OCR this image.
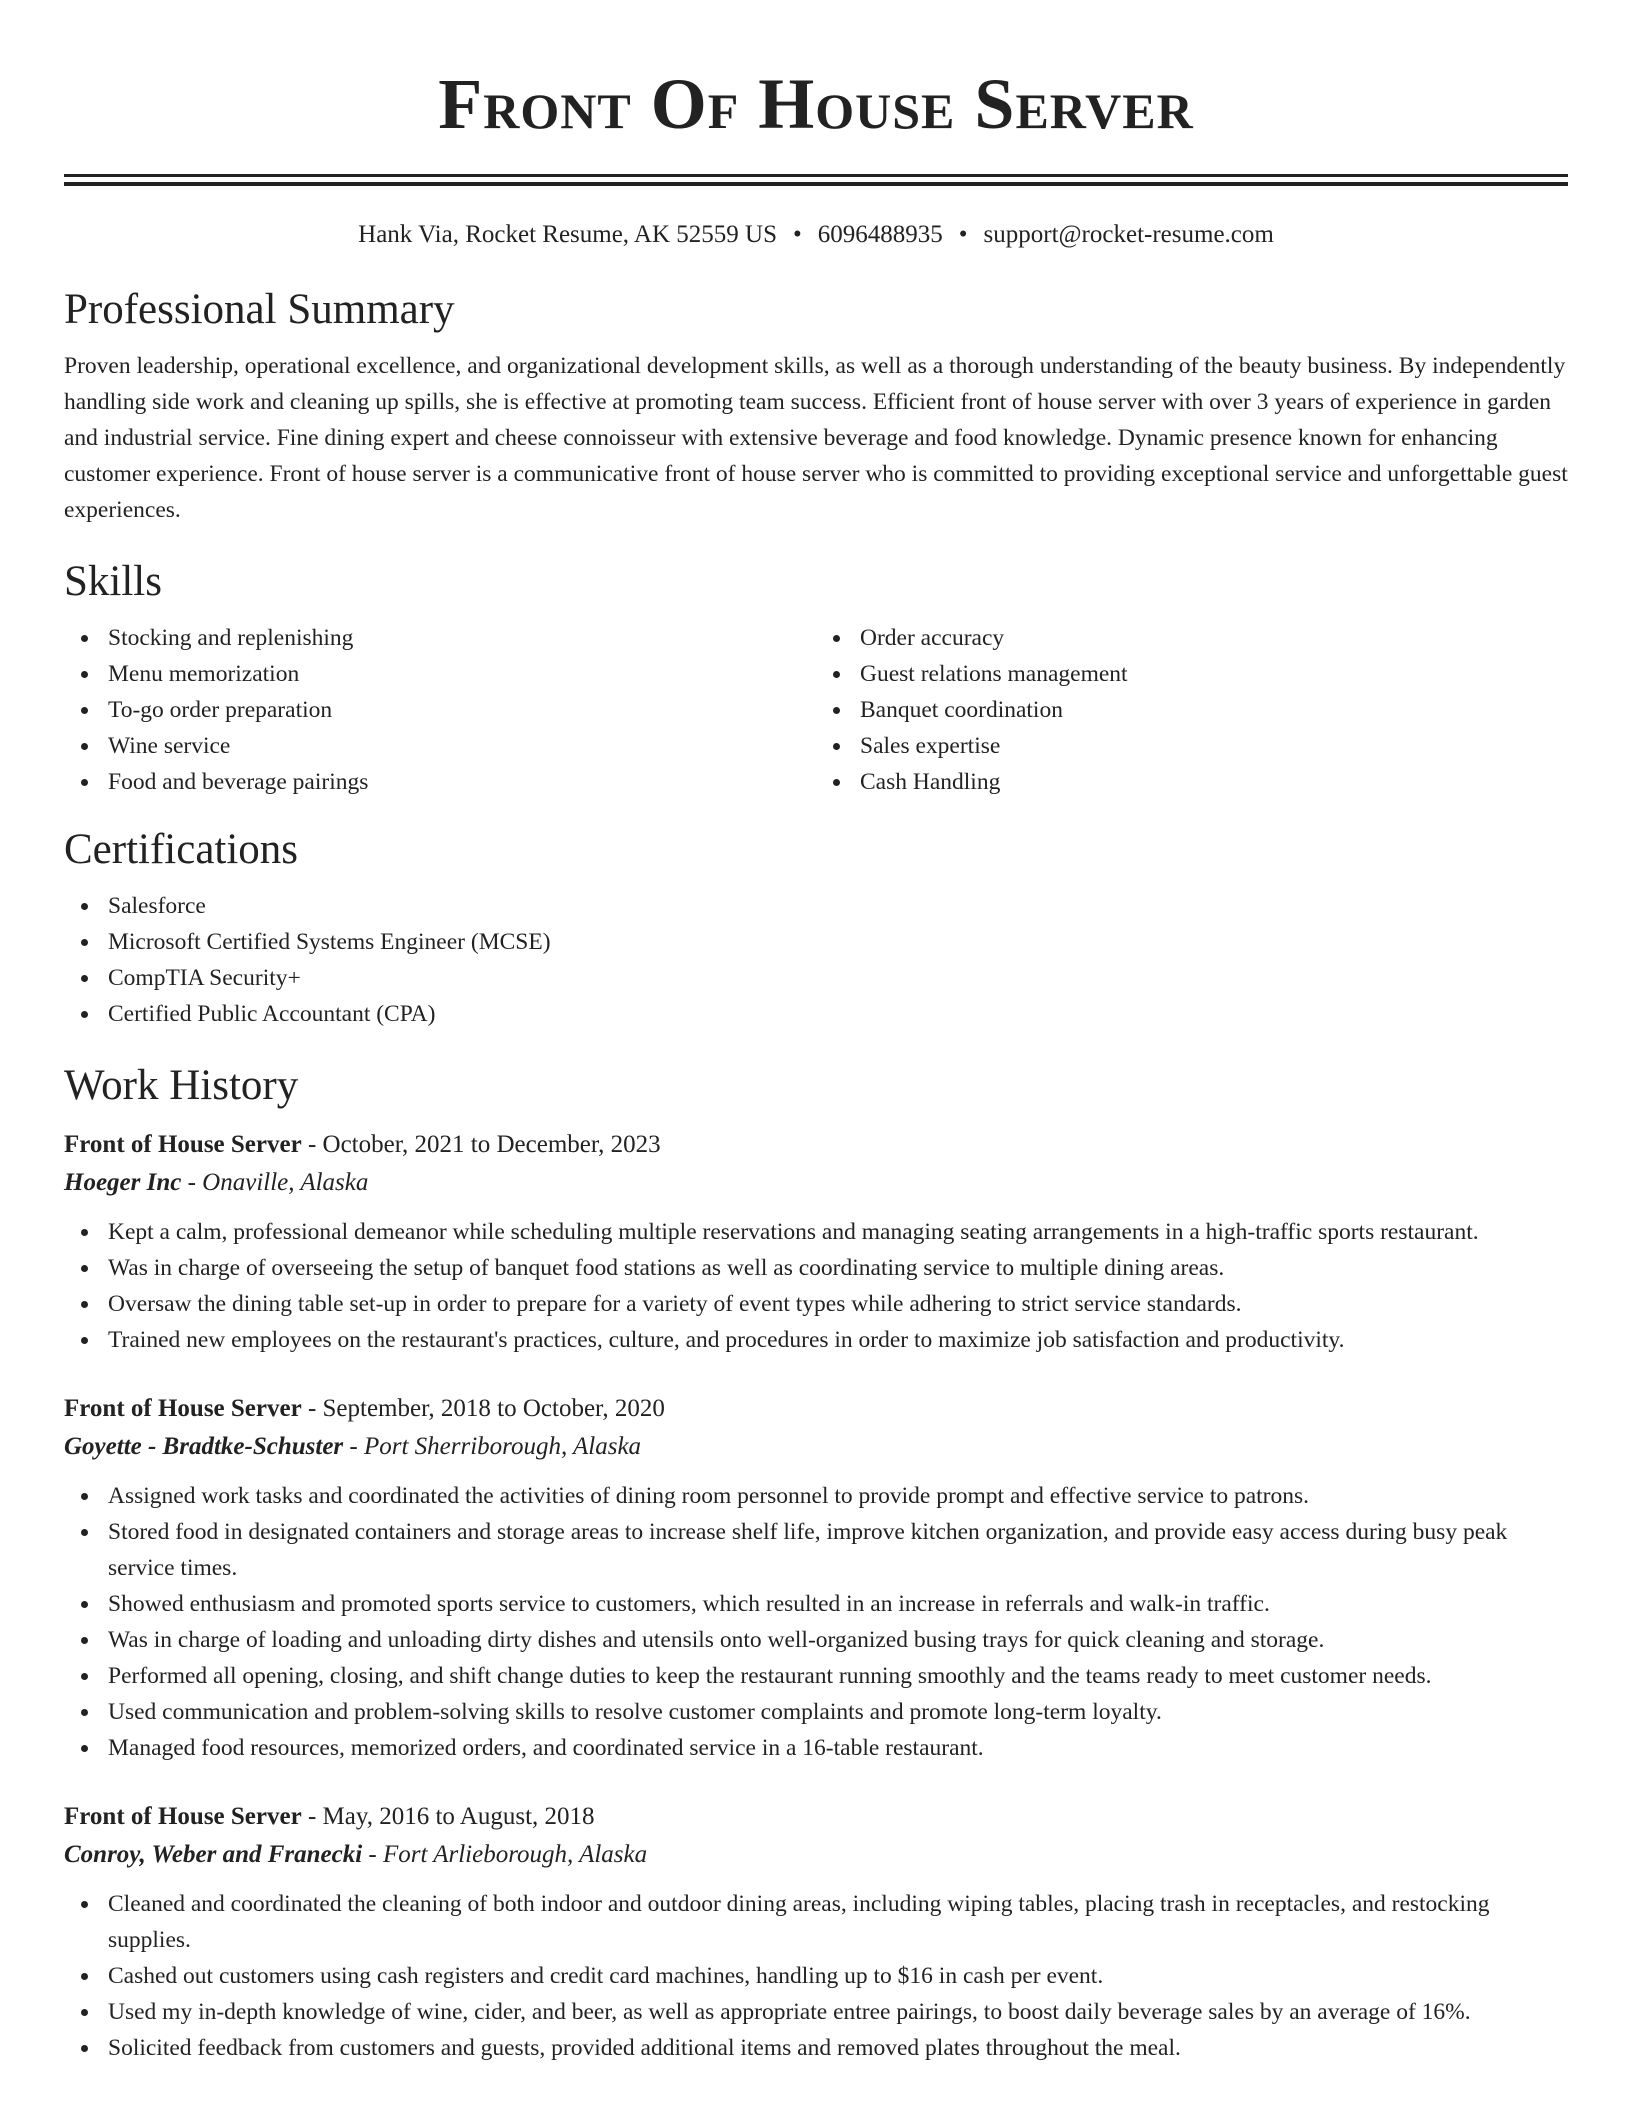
Front Of House Server
Hank Via, Rocket Resume, AK 52559 US • 6096488935 • support@rocket-resume.com
Professional Summary
Proven leadership, operational excellence, and organizational development skills, as well as a thorough understanding of the beauty business. By independently handling side work and cleaning up spills, she is effective at promoting team success. Efficient front of house server with over 3 years of experience in garden and industrial service. Fine dining expert and cheese connoisseur with extensive beverage and food knowledge. Dynamic presence known for enhancing customer experience. Front of house server is a communicative front of house server who is committed to providing exceptional service and unforgettable guest experiences.
Skills
Stocking and replenishing
Menu memorization
To-go order preparation
Wine service
Food and beverage pairings
Order accuracy
Guest relations management
Banquet coordination
Sales expertise
Cash Handling
Certifications
Salesforce
Microsoft Certified Systems Engineer (MCSE)
CompTIA Security+
Certified Public Accountant (CPA)
Work History
Front of House Server - October, 2021 to December, 2023
Hoeger Inc - Onaville, Alaska
Kept a calm, professional demeanor while scheduling multiple reservations and managing seating arrangements in a high-traffic sports restaurant.
Was in charge of overseeing the setup of banquet food stations as well as coordinating service to multiple dining areas.
Oversaw the dining table set-up in order to prepare for a variety of event types while adhering to strict service standards.
Trained new employees on the restaurant's practices, culture, and procedures in order to maximize job satisfaction and productivity.
Front of House Server - September, 2018 to October, 2020
Goyette - Bradtke-Schuster - Port Sherriborough, Alaska
Assigned work tasks and coordinated the activities of dining room personnel to provide prompt and effective service to patrons.
Stored food in designated containers and storage areas to increase shelf life, improve kitchen organization, and provide easy access during busy peak service times.
Showed enthusiasm and promoted sports service to customers, which resulted in an increase in referrals and walk-in traffic.
Was in charge of loading and unloading dirty dishes and utensils onto well-organized busing trays for quick cleaning and storage.
Performed all opening, closing, and shift change duties to keep the restaurant running smoothly and the teams ready to meet customer needs.
Used communication and problem-solving skills to resolve customer complaints and promote long-term loyalty.
Managed food resources, memorized orders, and coordinated service in a 16-table restaurant.
Front of House Server - May, 2016 to August, 2018
Conroy, Weber and Franecki - Fort Arlieborough, Alaska
Cleaned and coordinated the cleaning of both indoor and outdoor dining areas, including wiping tables, placing trash in receptacles, and restocking supplies.
Cashed out customers using cash registers and credit card machines, handling up to $16 in cash per event.
Used my in-depth knowledge of wine, cider, and beer, as well as appropriate entree pairings, to boost daily beverage sales by an average of 16%.
Solicited feedback from customers and guests, provided additional items and removed plates throughout the meal.
